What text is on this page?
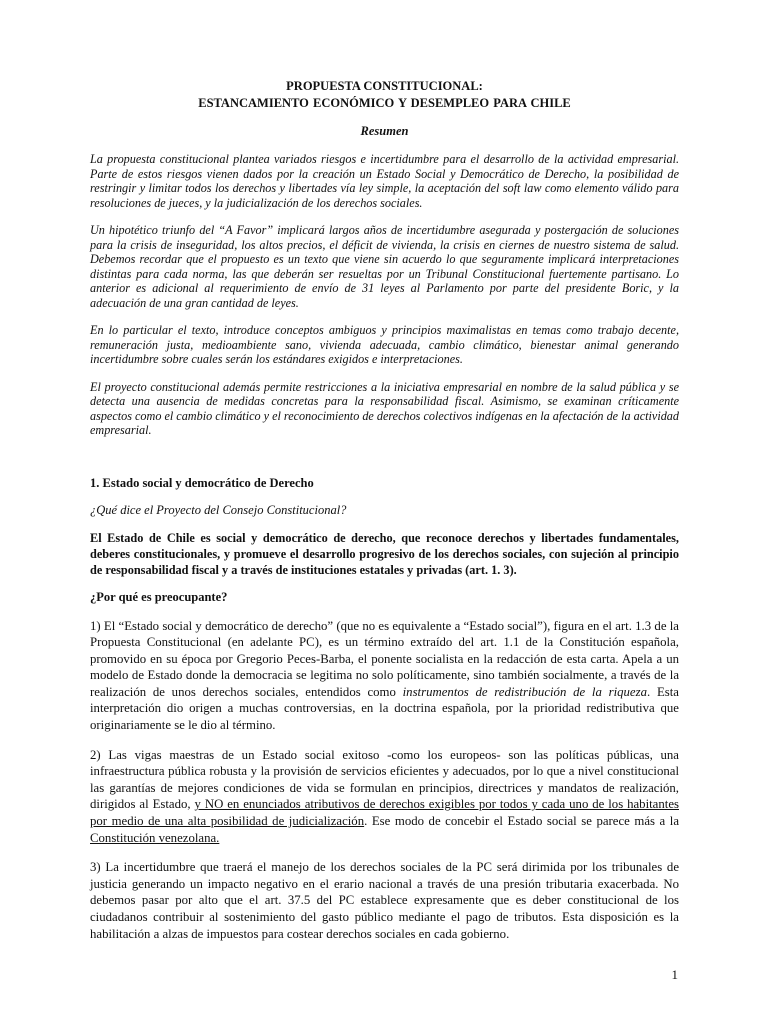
PROPUESTA CONSTITUCIONAL:

ESTANCAMIENTO ECONÓMICO Y DESEMPLEO PARA CHILE

Resumen

La propuesta constitucional plantea variados riesgos e incertidumbre para el desarrollo de la actividad empresarial. Parte de estos riesgos vienen dados por la creación un Estado Social y Democrático de Derecho, la posibilidad de restringir y limitar todos los derechos y libertades vía ley simple, la aceptación del soft law como elemento válido para resoluciones de jueces, y la judicialización de los derechos sociales.

Un hipotético triunfo del “A Favor” implicará largos años de incertidumbre asegurada y postergación de soluciones para la crisis de inseguridad, los altos precios, el déficit de vivienda, la crisis en ciernes de nuestro sistema de salud. Debemos recordar que el propuesto es un texto que viene sin acuerdo lo que seguramente implicará interpretaciones distintas para cada norma, las que deberán ser resueltas por un Tribunal Constitucional fuertemente partisano. Lo anterior es adicional al requerimiento de envío de 31 leyes al Parlamento por parte del presidente Boric, y la adecuación de una gran cantidad de leyes.

En lo particular el texto, introduce conceptos ambiguos y principios maximalistas en temas como trabajo decente, remuneración justa, medioambiente sano, vivienda adecuada, cambio climático, bienestar animal generando incertidumbre sobre cuales serán los estándares exigidos e interpretaciones.

El proyecto constitucional además permite restricciones a la iniciativa empresarial en nombre de la salud pública y se detecta una ausencia de medidas concretas para la responsabilidad fiscal. Asimismo, se examinan críticamente aspectos como el cambio climático y el reconocimiento de derechos colectivos indígenas en la afectación de la actividad empresarial.

1. Estado social y democrático de Derecho

¿Qué dice el Proyecto del Consejo Constitucional?

El Estado de Chile es social y democrático de derecho, que reconoce derechos y libertades fundamentales, deberes constitucionales, y promueve el desarrollo progresivo de los derechos sociales, con sujeción al principio de responsabilidad fiscal y a través de instituciones estatales y privadas (art. 1. 3).

¿Por qué es preocupante?

1) El “Estado social y democrático de derecho” (que no es equivalente a “Estado social”), figura en el art. 1.3 de la Propuesta Constitucional (en adelante PC), es un término extraído del art. 1.1 de la Constitución española, promovido en su época por Gregorio Peces-Barba, el ponente socialista en la redacción de esta carta. Apela a un modelo de Estado donde la democracia se legitima no solo políticamente, sino también socialmente, a través de la realización de unos derechos sociales, entendidos como instrumentos de redistribución de la riqueza. Esta interpretación dio origen a muchas controversias, en la doctrina española, por la prioridad redistributiva que originariamente se le dio al término.

2) Las vigas maestras de un Estado social exitoso -como los europeos- son las políticas públicas, una infraestructura pública robusta y la provisión de servicios eficientes y adecuados, por lo que a nivel constitucional las garantías de mejores condiciones de vida se formulan en principios, directrices y mandatos de realización, dirigidos al Estado, y NO en enunciados atributivos de derechos exigibles por todos y cada uno de los habitantes por medio de una alta posibilidad de judicialización. Ese modo de concebir el Estado social se parece más a la Constitución venezolana.

3) La incertidumbre que traerá el manejo de los derechos sociales de la PC será dirimida por los tribunales de justicia generando un impacto negativo en el erario nacional a través de una presión tributaria exacerbada. No debemos pasar por alto que el art. 37.5 del PC establece expresamente que es deber constitucional de los ciudadanos contribuir al sostenimiento del gasto público mediante el pago de tributos. Esta disposición es la habilitación a alzas de impuestos para costear derechos sociales en cada gobierno.

1
